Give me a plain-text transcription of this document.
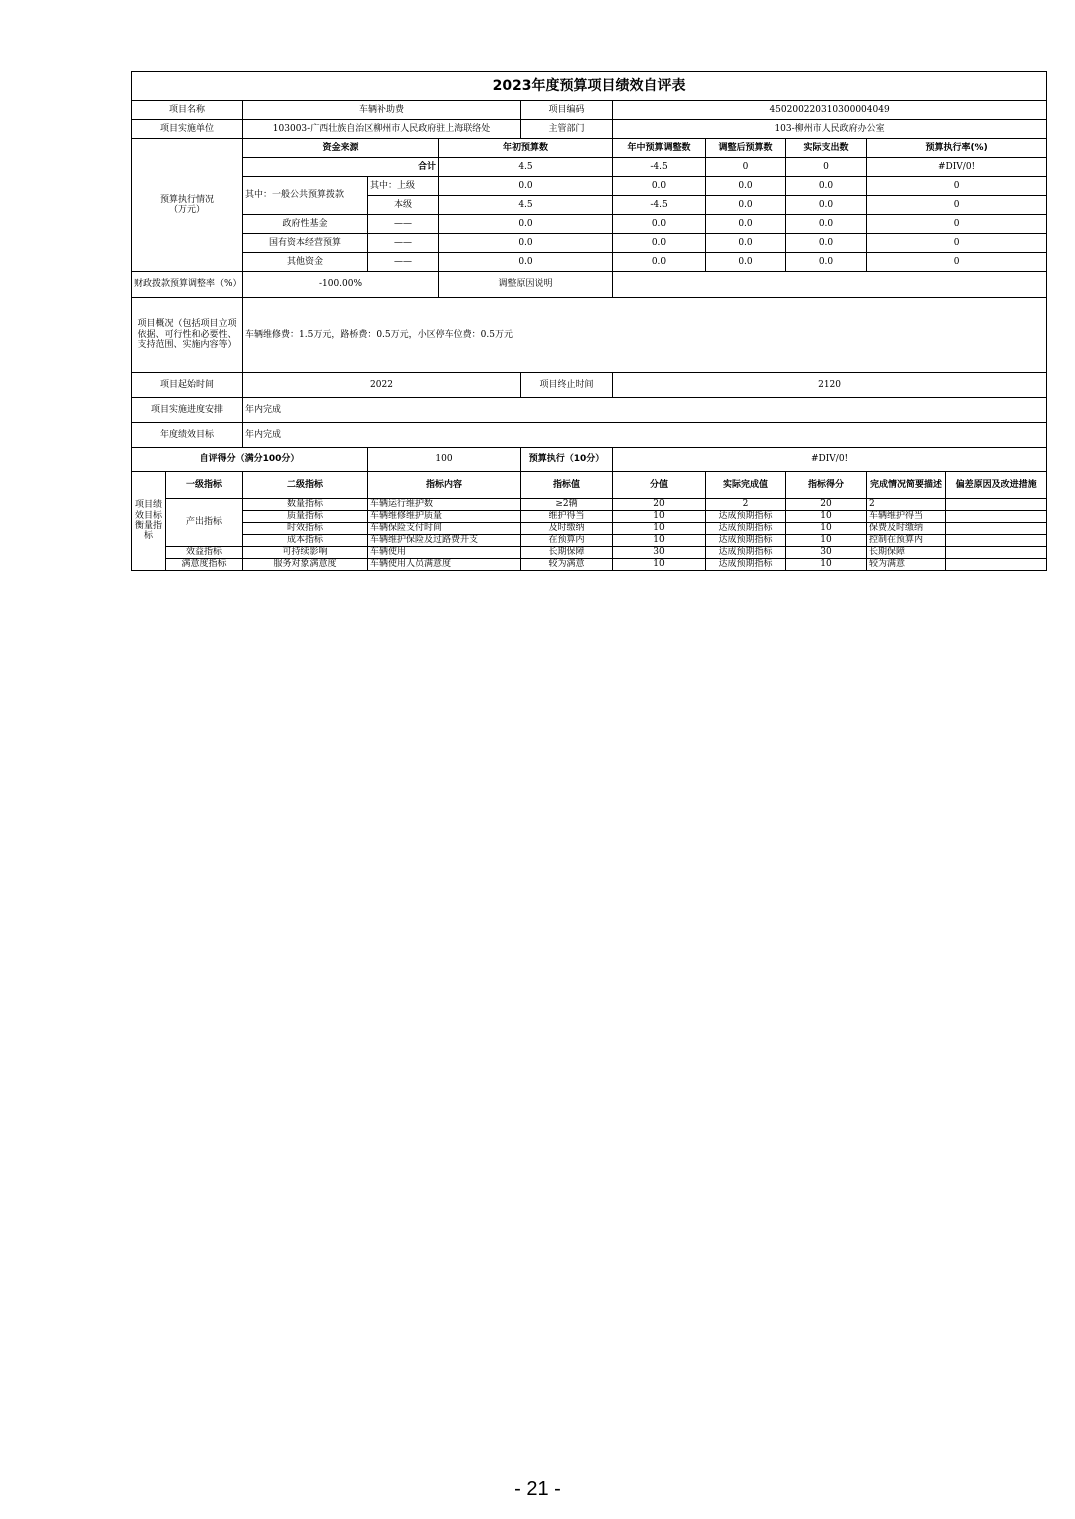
2023年度预算项目绩效自评表										
项目名称		车辆补助费			项目编码	450200220310300004049				
项目实施单位		103003-广西壮族自治区柳州市人民政府驻上海联络处			主管部门	103-柳州市人民政府办公室				
预算执行情况
（万元）		资金来源		年初预算数		年中预算调整数	调整后预算数	实际支出数	预算执行率(%)	
		合计		4.5		-4.5	0	0	#DIV/0!	
		其中：一般公共预算拨款	其中：上级	0.0		0.0	0.0	0.0	0	
			本级	4.5		-4.5	0.0	0.0	0	
		政府性基金	——	0.0		0.0	0.0	0.0	0	
		国有资本经营预算	——	0.0		0.0	0.0	0.0	0	
		其他资金	——	0.0		0.0	0.0	0.0	0	
财政拨款预算调整率（%）		-100.00%		调整原因说明						
项目概况（包括项目立项依据、可行性和必要性、支持范围、实施内容等）		车辆维修费：1.5万元，路桥费：0.5万元，小区停车位费：0.5万元								
项目起始时间		2022			项目终止时间	2120				
项目实施进度安排		年内完成								
年度绩效目标		年内完成								
自评得分（满分100分）			100		预算执行（10分）	#DIV/0!				
项目绩效目标衡量指标	一级指标	二级指标	指标内容		指标值	分值	实际完成值	指标得分	完成情况简要描述	偏差原因及改进措施
	产出指标	数量指标	车辆运行维护数		≥2辆	20	2	20	2	
		质量指标	车辆维修维护质量		维护得当	10	达成预期指标	10	车辆维护得当	
		时效指标	车辆保险支付时间		及时缴纳	10	达成预期指标	10	保费及时缴纳	
		成本指标	车辆维护保险及过路费开支		在预算内	10	达成预期指标	10	控制在预算内	
	效益指标	可持续影响	车辆使用		长期保障	30	达成预期指标	30	长期保障	
	满意度指标	服务对象满意度	车辆使用人员满意度		较为满意	10	达成预期指标	10	较为满意	
- 21 -
